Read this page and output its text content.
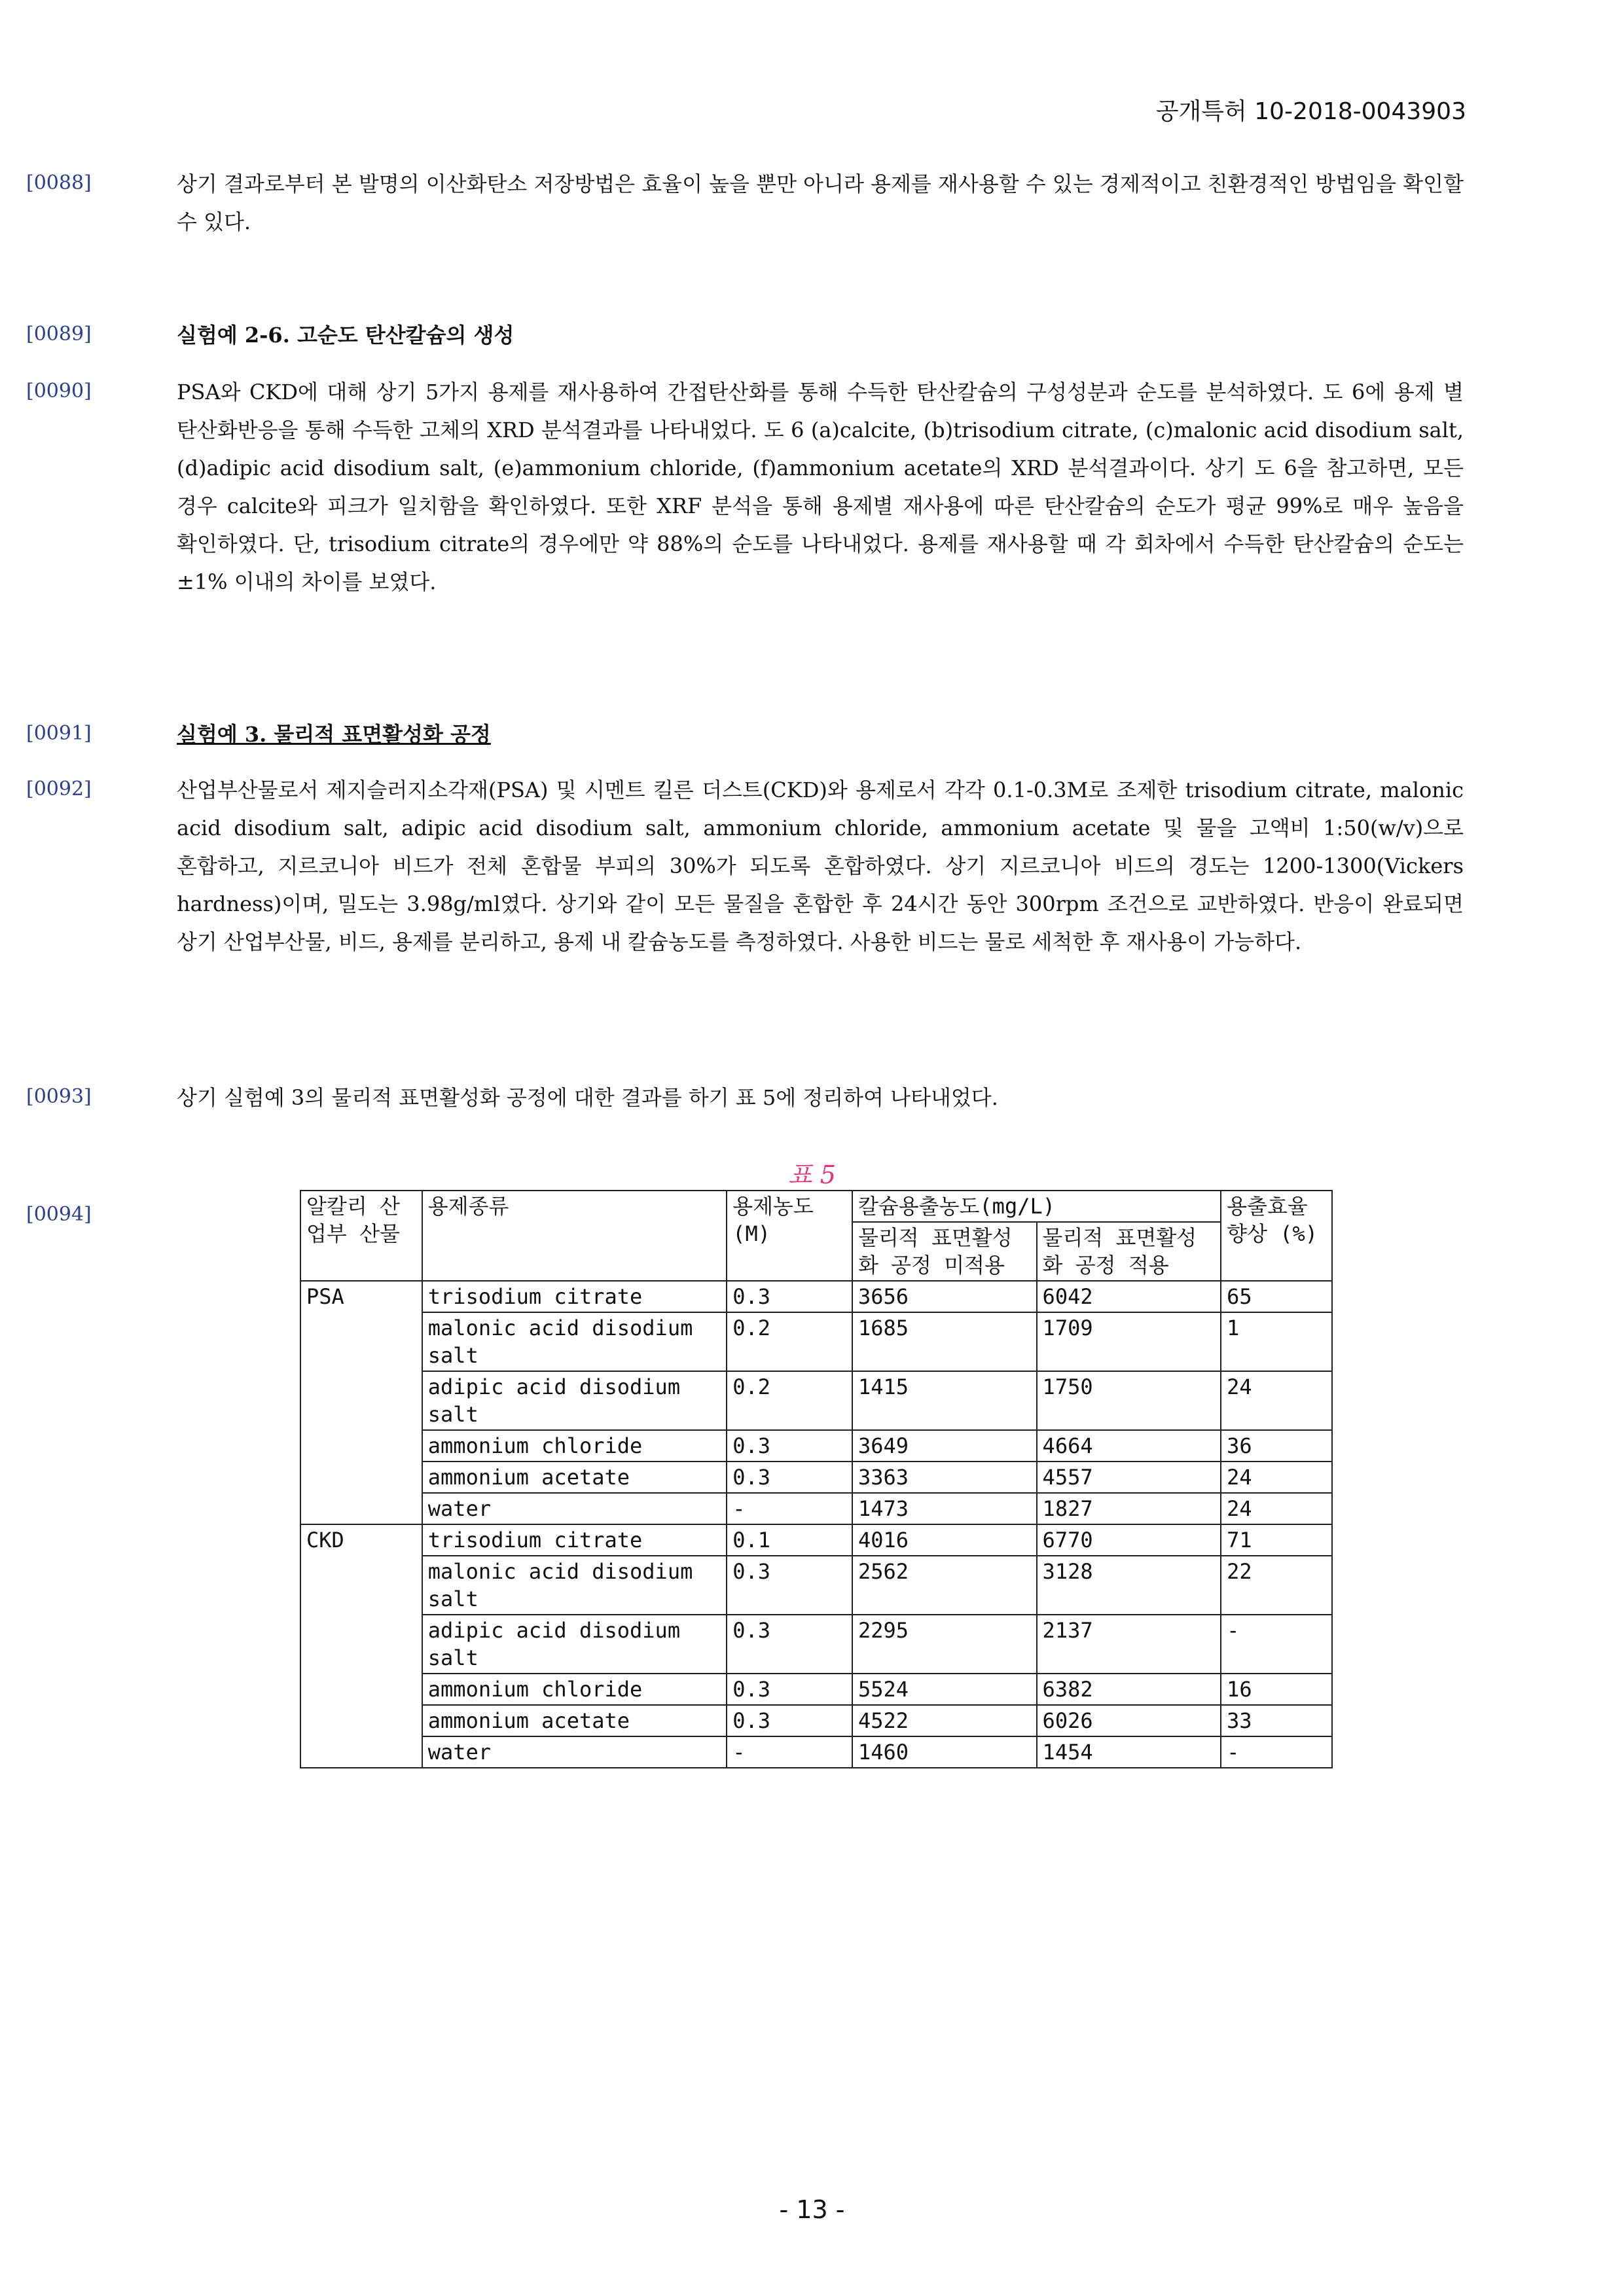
공개특허 10-2018-0043903
[0088]	상기 결과로부터 본 발명의 이산화탄소 저장방법은 효율이 높을 뿐만 아니라 용제를 재사용할 수 있는 경제적이고 친환경적인 방법임을 확인할 수 있다.
[0089]	실험예 2-6. 고순도 탄산칼슘의 생성
[0090]	PSA와 CKD에 대해 상기 5가지 용제를 재사용하여 간접탄산화를 통해 수득한 탄산칼슘의 구성성분과 순도를 분석하였다. 도 6에 용제 별 탄산화반응을 통해 수득한 고체의 XRD 분석결과를 나타내었다. 도 6 (a)calcite, (b)trisodium citrate, (c)malonic acid disodium salt, (d)adipic acid disodium salt, (e)ammonium chloride, (f)ammonium acetate의 XRD 분석결과이다. 상기 도 6을 참고하면, 모든 경우 calcite와 피크가 일치함을 확인하였다. 또한 XRF 분석을 통해 용제별 재사용에 따른 탄산칼슘의 순도가 평균 99%로 매우 높음을 확인하였다. 단, trisodium citrate의 경우에만 약 88%의 순도를 나타내었다. 용제를 재사용할 때 각 회차에서 수득한 탄산칼슘의 순도는 ±1% 이내의 차이를 보였다.
[0091]	실험예 3. 물리적 표면활성화 공정
[0092]	산업부산물로서 제지슬러지소각재(PSA) 및 시멘트 킬른 더스트(CKD)와 용제로서 각각 0.1-0.3M로 조제한 trisodium citrate, malonic acid disodium salt, adipic acid disodium salt, ammonium chloride, ammonium acetate 및 물을 고액비 1:50(w/v)으로 혼합하고, 지르코니아 비드가 전체 혼합물 부피의 30%가 되도록 혼합하였다. 상기 지르코니아 비드의 경도는 1200-1300(Vickers hardness)이며, 밀도는 3.98g/ml였다. 상기와 같이 모든 물질을 혼합한 후 24시간 동안 300rpm 조건으로 교반하였다. 반응이 완료되면 상기 산업부산물, 비드, 용제를 분리하고, 용제 내 칼슘농도를 측정하였다. 사용한 비드는 물로 세척한 후 재사용이 가능하다.
[0093]	상기 실험예 3의 물리적 표면활성화 공정에 대한 결과를 하기 표 5에 정리하여 나타내었다.
표 5
[0094]	알칼리 산업부 산물	용제종류	용제농도 (M)	칼슘용출농도(mg/L)		용출효율향상 (%)
			물리적 표면활성화 공정 미적용	물리적 표면활성화 공정 적용	
PSA	trisodium citrate	0.3	3656	6042	65
	malonic acid disodium salt	0.2	1685	1709	1
	adipic acid disodium salt	0.2	1415	1750	24
	ammonium chloride	0.3	3649	4664	36
	ammonium acetate	0.3	3363	4557	24
	water	-	1473	1827	24
CKD	trisodium citrate	0.1	4016	6770	71
	malonic acid disodium salt	0.3	2562	3128	22
	adipic acid disodium salt	0.3	2295	2137	-
	ammonium chloride	0.3	5524	6382	16
	ammonium acetate	0.3	4522	6026	33
	water	-	1460	1454	-
- 13 -
